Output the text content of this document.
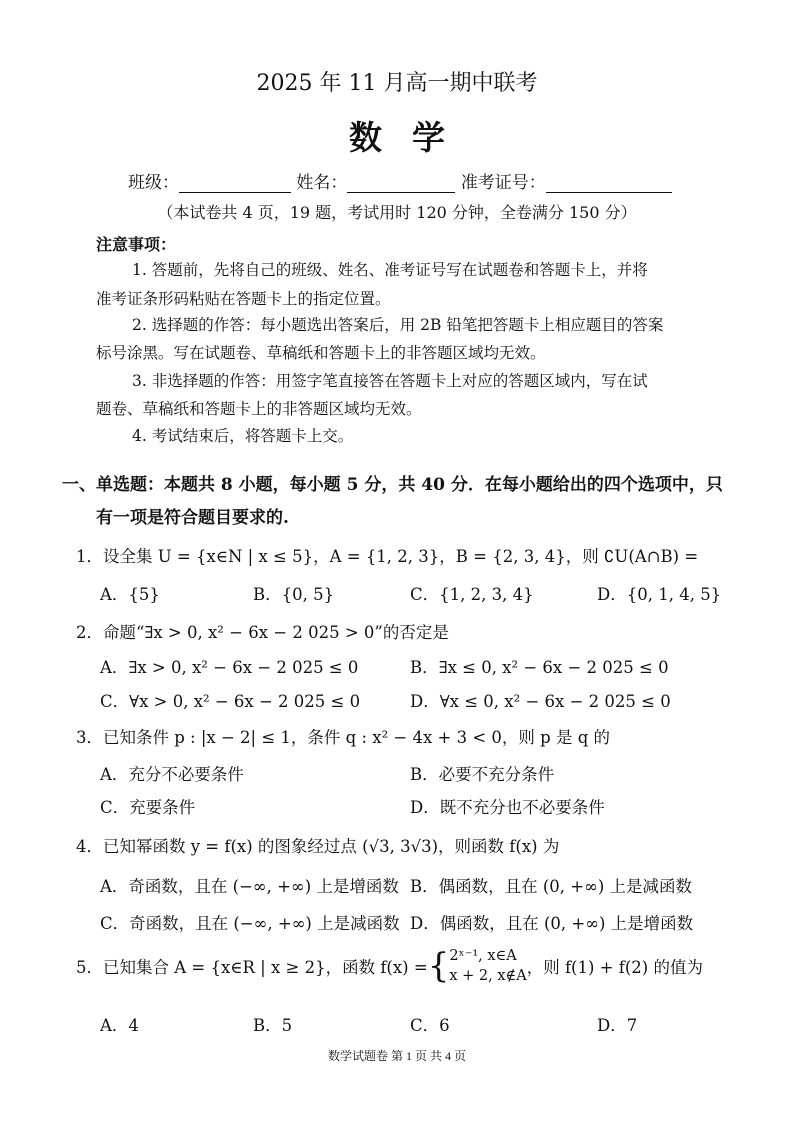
2025 年 11 月高一期中联考
数学
班级：	姓名：	准考证号：
（本试卷共 4 页，19 题，考试用时 120 分钟，全卷满分 150 分）
注意事项：
1. 答题前，先将自己的班级、姓名、准考证号写在试题卷和答题卡上，并将
准考证条形码粘贴在答题卡上的指定位置。
2. 选择题的作答：每小题选出答案后，用 2B 铅笔把答题卡上相应题目的答案
标号涂黑。写在试题卷、草稿纸和答题卡上的非答题区域均无效。
3. 非选择题的作答：用签字笔直接答在答题卡上对应的答题区域内，写在试
题卷、草稿纸和答题卡上的非答题区域均无效。
4. 考试结束后，将答题卡上交。
一、单选题：本题共 8 小题，每小题 5 分，共 40 分．在每小题给出的四个选项中，只
有一项是符合题目要求的.
1．设全集 U = {x∈N | x ≤ 5}，A = {1, 2, 3}，B = {2, 3, 4}，则 ∁U(A∩B) =
A．{5}	B．{0, 5}	C．{1, 2, 3, 4}	D．{0, 1, 4, 5}
2．命题“∃x > 0, x² − 6x − 2 025 > 0”的否定是
A．∃x > 0, x² − 6x − 2 025 ≤ 0	B．∃x ≤ 0, x² − 6x − 2 025 ≤ 0
C．∀x > 0, x² − 6x − 2 025 ≤ 0	D．∀x ≤ 0, x² − 6x − 2 025 ≤ 0
3．已知条件 p : |x − 2| ≤ 1，条件 q : x² − 4x + 3 < 0，则 p 是 q 的
A．充分不必要条件	B．必要不充分条件
C．充要条件	D．既不充分也不必要条件
4．已知幂函数 y = f(x) 的图象经过点 (√3, 3√3)，则函数 f(x) 为
A．奇函数，且在 (−∞, +∞) 上是增函数 B．偶函数，且在 (0, +∞) 上是减函数
C．奇函数，且在 (−∞, +∞) 上是减函数 D．偶函数，且在 (0, +∞) 上是增函数
5．已知集合 A = {x∈R | x ≥ 2}，函数 f(x) = { 2ˣ⁻¹, x∈A
x + 2, x∉A ，则 f(1) + f(2) 的值为
A．4	B．5	C．6	D．7
数学试题卷 第 1 页 共 4 页
